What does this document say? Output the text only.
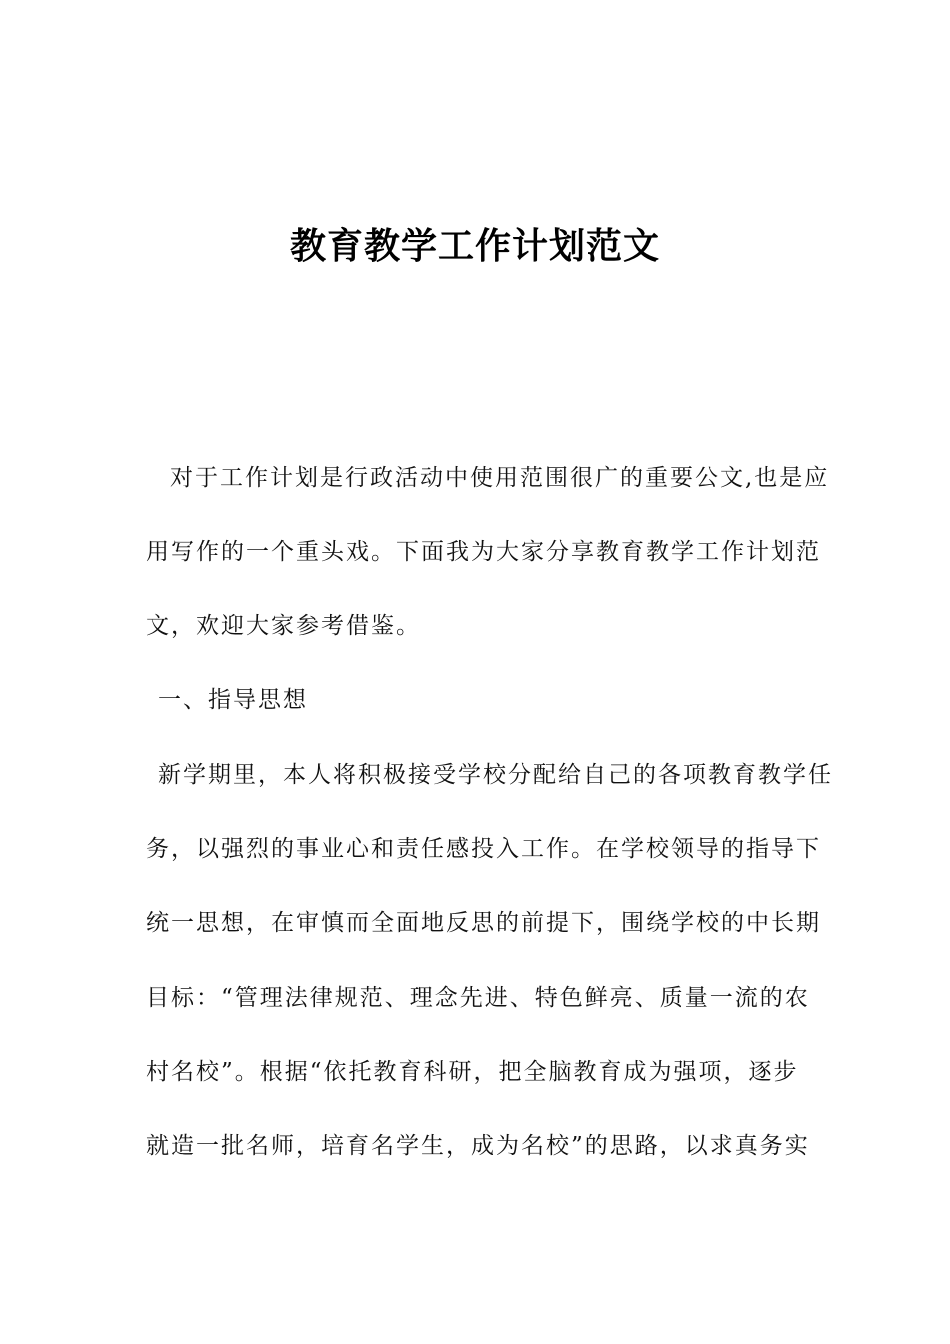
教育教学工作计划范文
对于工作计划是行政活动中使用范围很广的重要公文,也是应
用写作的一个重头戏。下面我为大家分享教育教学工作计划范
文，欢迎大家参考借鉴。
一、指导思想
新学期里，本人将积极接受学校分配给自己的各项教育教学任
务，以强烈的事业心和责任感投入工作。在学校领导的指导下
统一思想，在审慎而全面地反思的前提下，围绕学校的中长期
目标：“管理法律规范、理念先进、特色鲜亮、质量一流的农
村名校”。根据“依托教育科研，把全脑教育成为强项，逐步
就造一批名师，培育名学生，成为名校”的思路，以求真务实
